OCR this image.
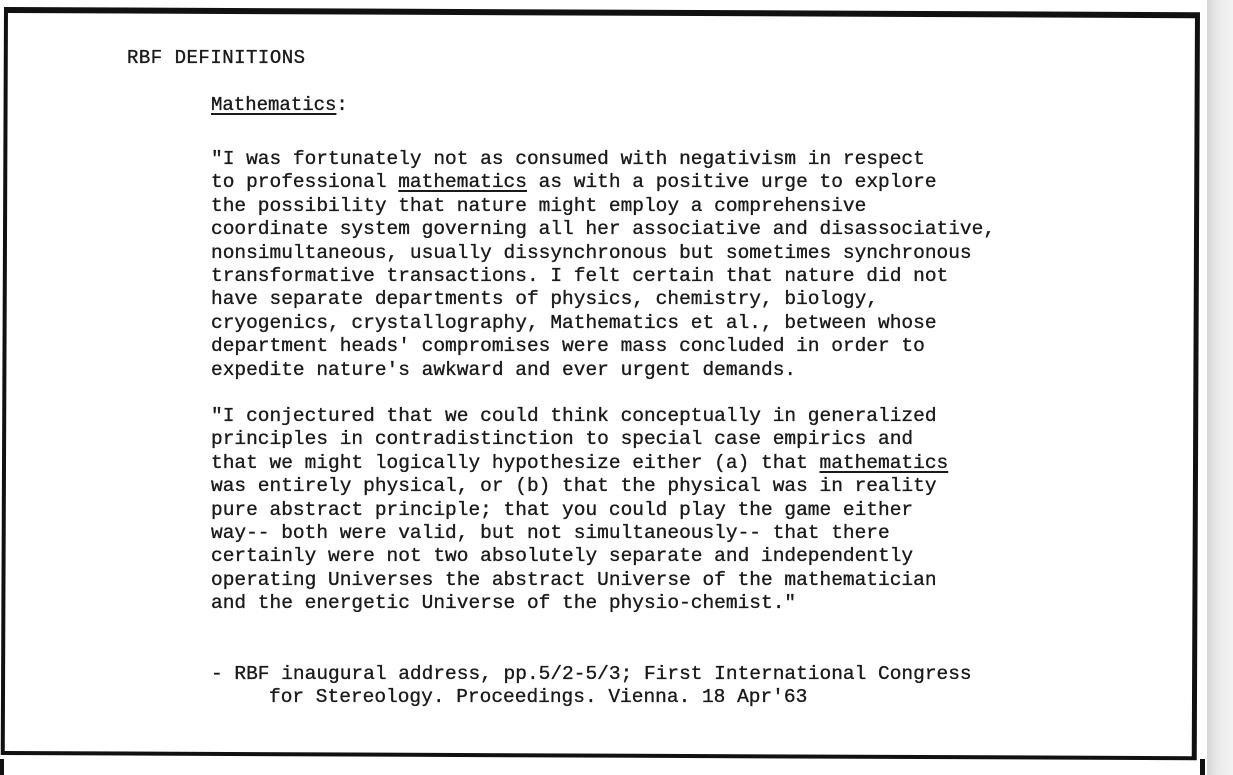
RBF DEFINITIONS
Mathematics:
"I was fortunately not as consumed with negativism in respect
to professional mathematics as with a positive urge to explore
the possibility that nature might employ a comprehensive
coordinate system governing all her associative and disassociative,
nonsimultaneous, usually dissynchronous but sometimes synchronous
transformative transactions. I felt certain that nature did not
have separate departments of physics, chemistry, biology,
cryogenics, crystallography, Mathematics et al., between whose
department heads' compromises were mass concluded in order to
expedite nature's awkward and ever urgent demands.
"I conjectured that we could think conceptually in generalized
principles in contradistinction to special case empirics and
that we might logically hypothesize either (a) that mathematics
was entirely physical, or (b) that the physical was in reality
pure abstract principle; that you could play the game either
way-- both were valid, but not simultaneously-- that there
certainly were not two absolutely separate and independently
operating Universes the abstract Universe of the mathematician
and the energetic Universe of the physio-chemist."
- RBF inaugural address, pp.5/2-5/3; First International Congress
for Stereology. Proceedings. Vienna. 18 Apr'63
